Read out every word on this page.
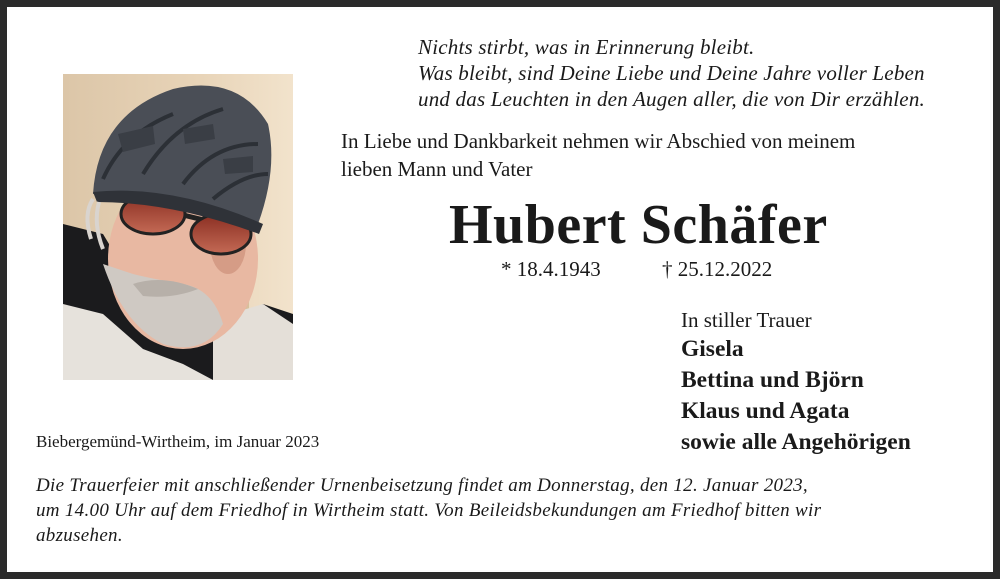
Nichts stirbt, was in Erinnerung bleibt.
Was bleibt, sind Deine Liebe und Deine Jahre voller Leben
und das Leuchten in den Augen aller, die von Dir erzählen.
In Liebe und Dankbarkeit nehmen wir Abschied von meinem
lieben Mann und Vater
Hubert Schäfer
* 18.4.1943	† 25.12.2022
In stiller Trauer
Gisela
Bettina und Björn
Klaus und Agata
sowie alle Angehörigen
Biebergemünd-Wirtheim, im Januar 2023
Die Trauerfeier mit anschließender Urnenbeisetzung findet am Donnerstag, den 12. Januar 2023,
um 14.00 Uhr auf dem Friedhof in Wirtheim statt. Von Beileidsbekundungen am Friedhof bitten wir
abzusehen.
